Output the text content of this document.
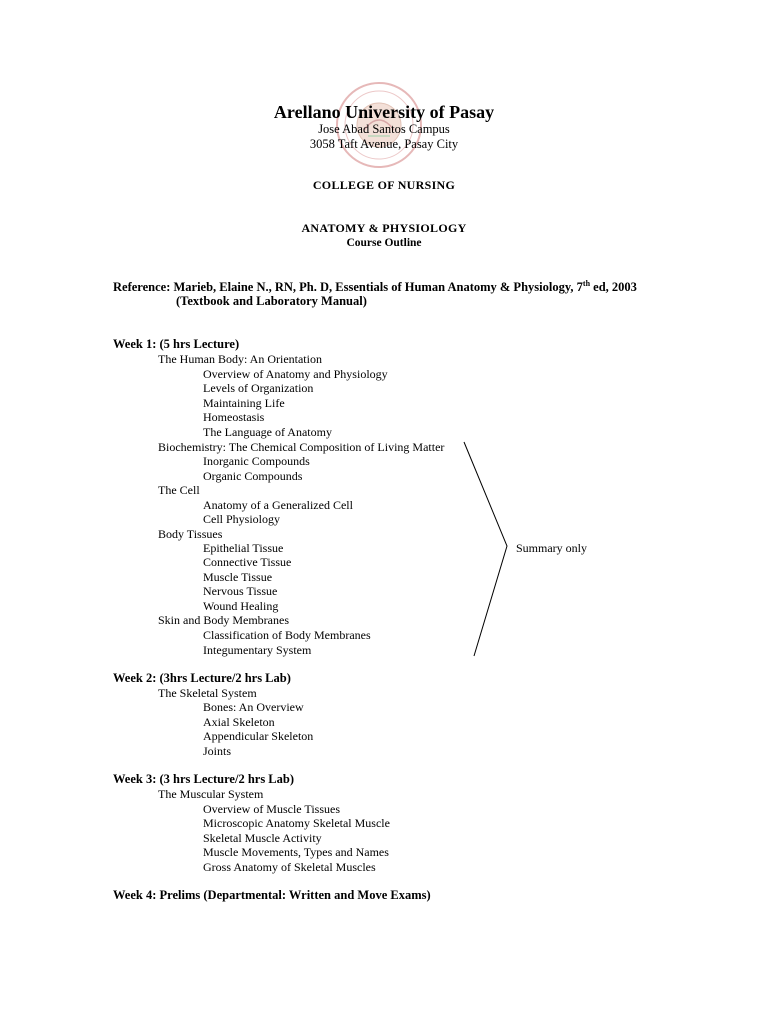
Arellano University of Pasay
Jose Abad Santos Campus
3058 Taft Avenue, Pasay City
COLLEGE OF NURSING
ANATOMY & PHYSIOLOGY
Course Outline
Reference: Marieb, Elaine N., RN, Ph. D, Essentials of Human Anatomy & Physiology, 7th ed, 2003
(Textbook and Laboratory Manual)
Week 1: (5 hrs Lecture)
The Human Body: An Orientation
Overview of Anatomy and Physiology
Levels of Organization
Maintaining Life
Homeostasis
The Language of Anatomy
Biochemistry: The Chemical Composition of Living Matter
Inorganic Compounds
Organic Compounds
The Cell
Anatomy of a Generalized Cell
Cell Physiology
Body Tissues
Epithelial Tissue
Connective Tissue
Muscle Tissue
Nervous Tissue
Wound Healing
Skin and Body Membranes
Classification of Body Membranes
Integumentary System
Summary only
Week 2: (3hrs Lecture/2 hrs Lab)
The Skeletal System
Bones: An Overview
Axial Skeleton
Appendicular Skeleton
Joints
Week 3: (3 hrs Lecture/2 hrs Lab)
The Muscular System
Overview of Muscle Tissues
Microscopic Anatomy Skeletal Muscle
Skeletal Muscle Activity
Muscle Movements, Types and Names
Gross Anatomy of Skeletal Muscles
Week 4: Prelims (Departmental: Written and Move Exams)
